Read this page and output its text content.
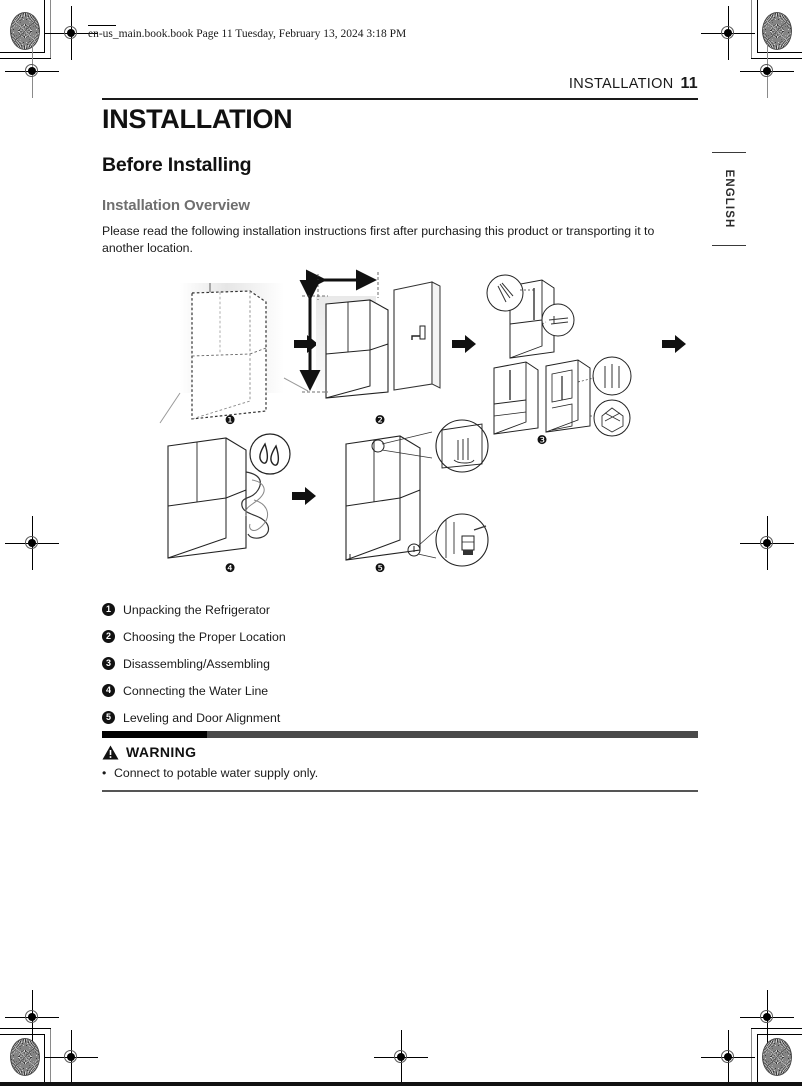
en-us_main.book.book Page 11 Tuesday, February 13, 2024 3:18 PM
INSTALLATION 11
ENGLISH
INSTALLATION
Before Installing
Installation Overview

Please read the following installation instructions first after purchasing this product or transporting it to another location.

❶	❷
❸
❹	❺
1 Unpacking the Refrigerator
2 Choosing the Proper Location
3 Disassembling/Assembling
4 Connecting the Water Line
5 Leveling and Door Alignment
WARNING
• Connect to potable water supply only.
